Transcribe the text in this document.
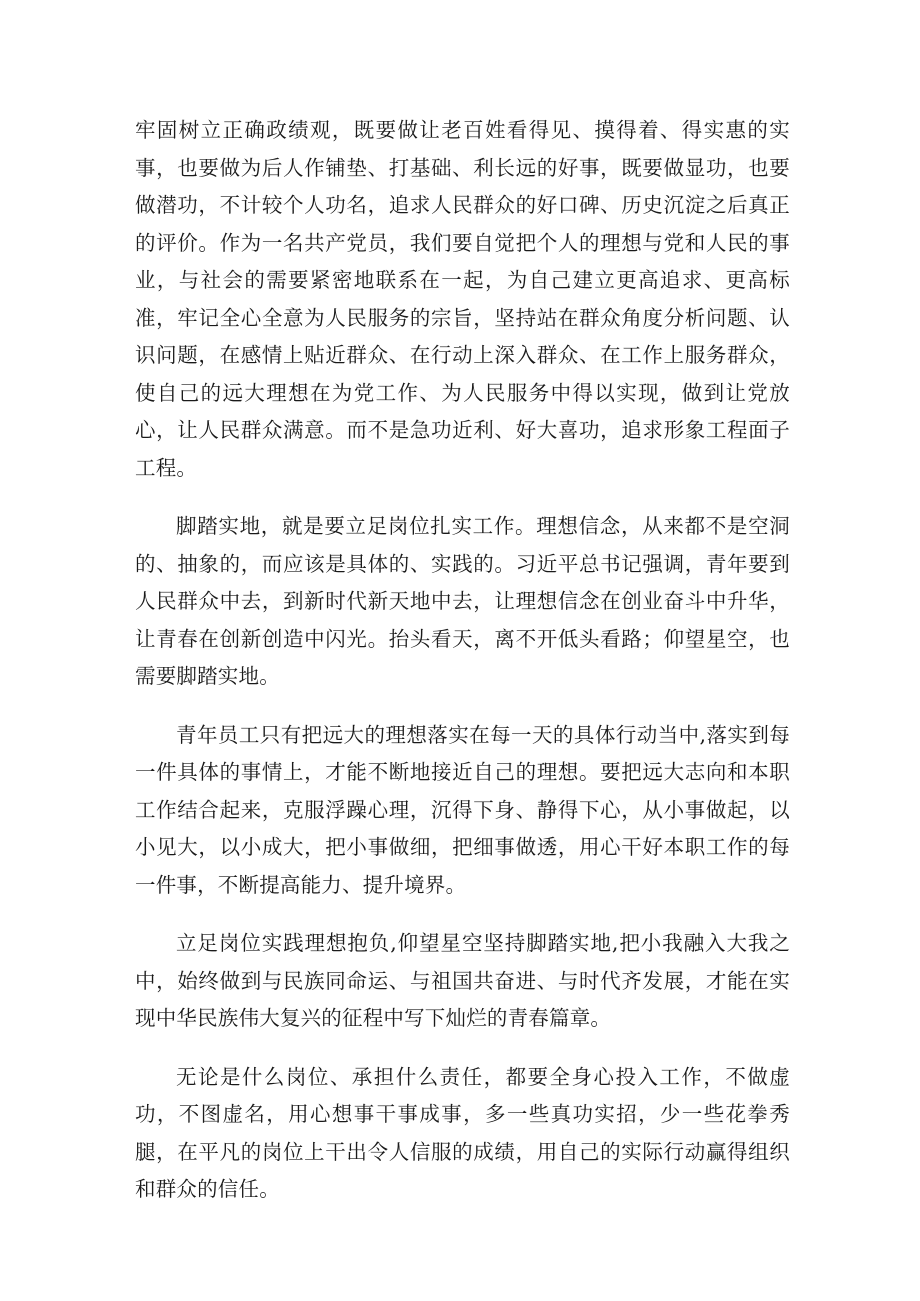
牢固树立正确政绩观，既要做让老百姓看得见、摸得着、得实惠的实事，也要做为后人作铺垫、打基础、利长远的好事，既要做显功，也要做潜功，不计较个人功名，追求人民群众的好口碑、历史沉淀之后真正的评价。作为一名共产党员，我们要自觉把个人的理想与党和人民的事业，与社会的需要紧密地联系在一起，为自己建立更高追求、更高标准，牢记全心全意为人民服务的宗旨，坚持站在群众角度分析问题、认识问题，在感情上贴近群众、在行动上深入群众、在工作上服务群众，使自己的远大理想在为党工作、为人民服务中得以实现，做到让党放心，让人民群众满意。而不是急功近利、好大喜功，追求形象工程面子工程。

脚踏实地，就是要立足岗位扎实工作。理想信念，从来都不是空洞的、抽象的，而应该是具体的、实践的。习近平总书记强调，青年要到人民群众中去，到新时代新天地中去，让理想信念在创业奋斗中升华，让青春在创新创造中闪光。抬头看天，离不开低头看路；仰望星空，也需要脚踏实地。

青年员工只有把远大的理想落实在每一天的具体行动当中,落实到每一件具体的事情上，才能不断地接近自己的理想。要把远大志向和本职工作结合起来，克服浮躁心理，沉得下身、静得下心，从小事做起，以小见大，以小成大，把小事做细，把细事做透，用心干好本职工作的每一件事，不断提高能力、提升境界。

立足岗位实践理想抱负,仰望星空坚持脚踏实地,把小我融入大我之中，始终做到与民族同命运、与祖国共奋进、与时代齐发展，才能在实现中华民族伟大复兴的征程中写下灿烂的青春篇章。

无论是什么岗位、承担什么责任，都要全身心投入工作，不做虚功，不图虚名，用心想事干事成事，多一些真功实招，少一些花拳秀腿，在平凡的岗位上干出令人信服的成绩，用自己的实际行动赢得组织和群众的信任。
